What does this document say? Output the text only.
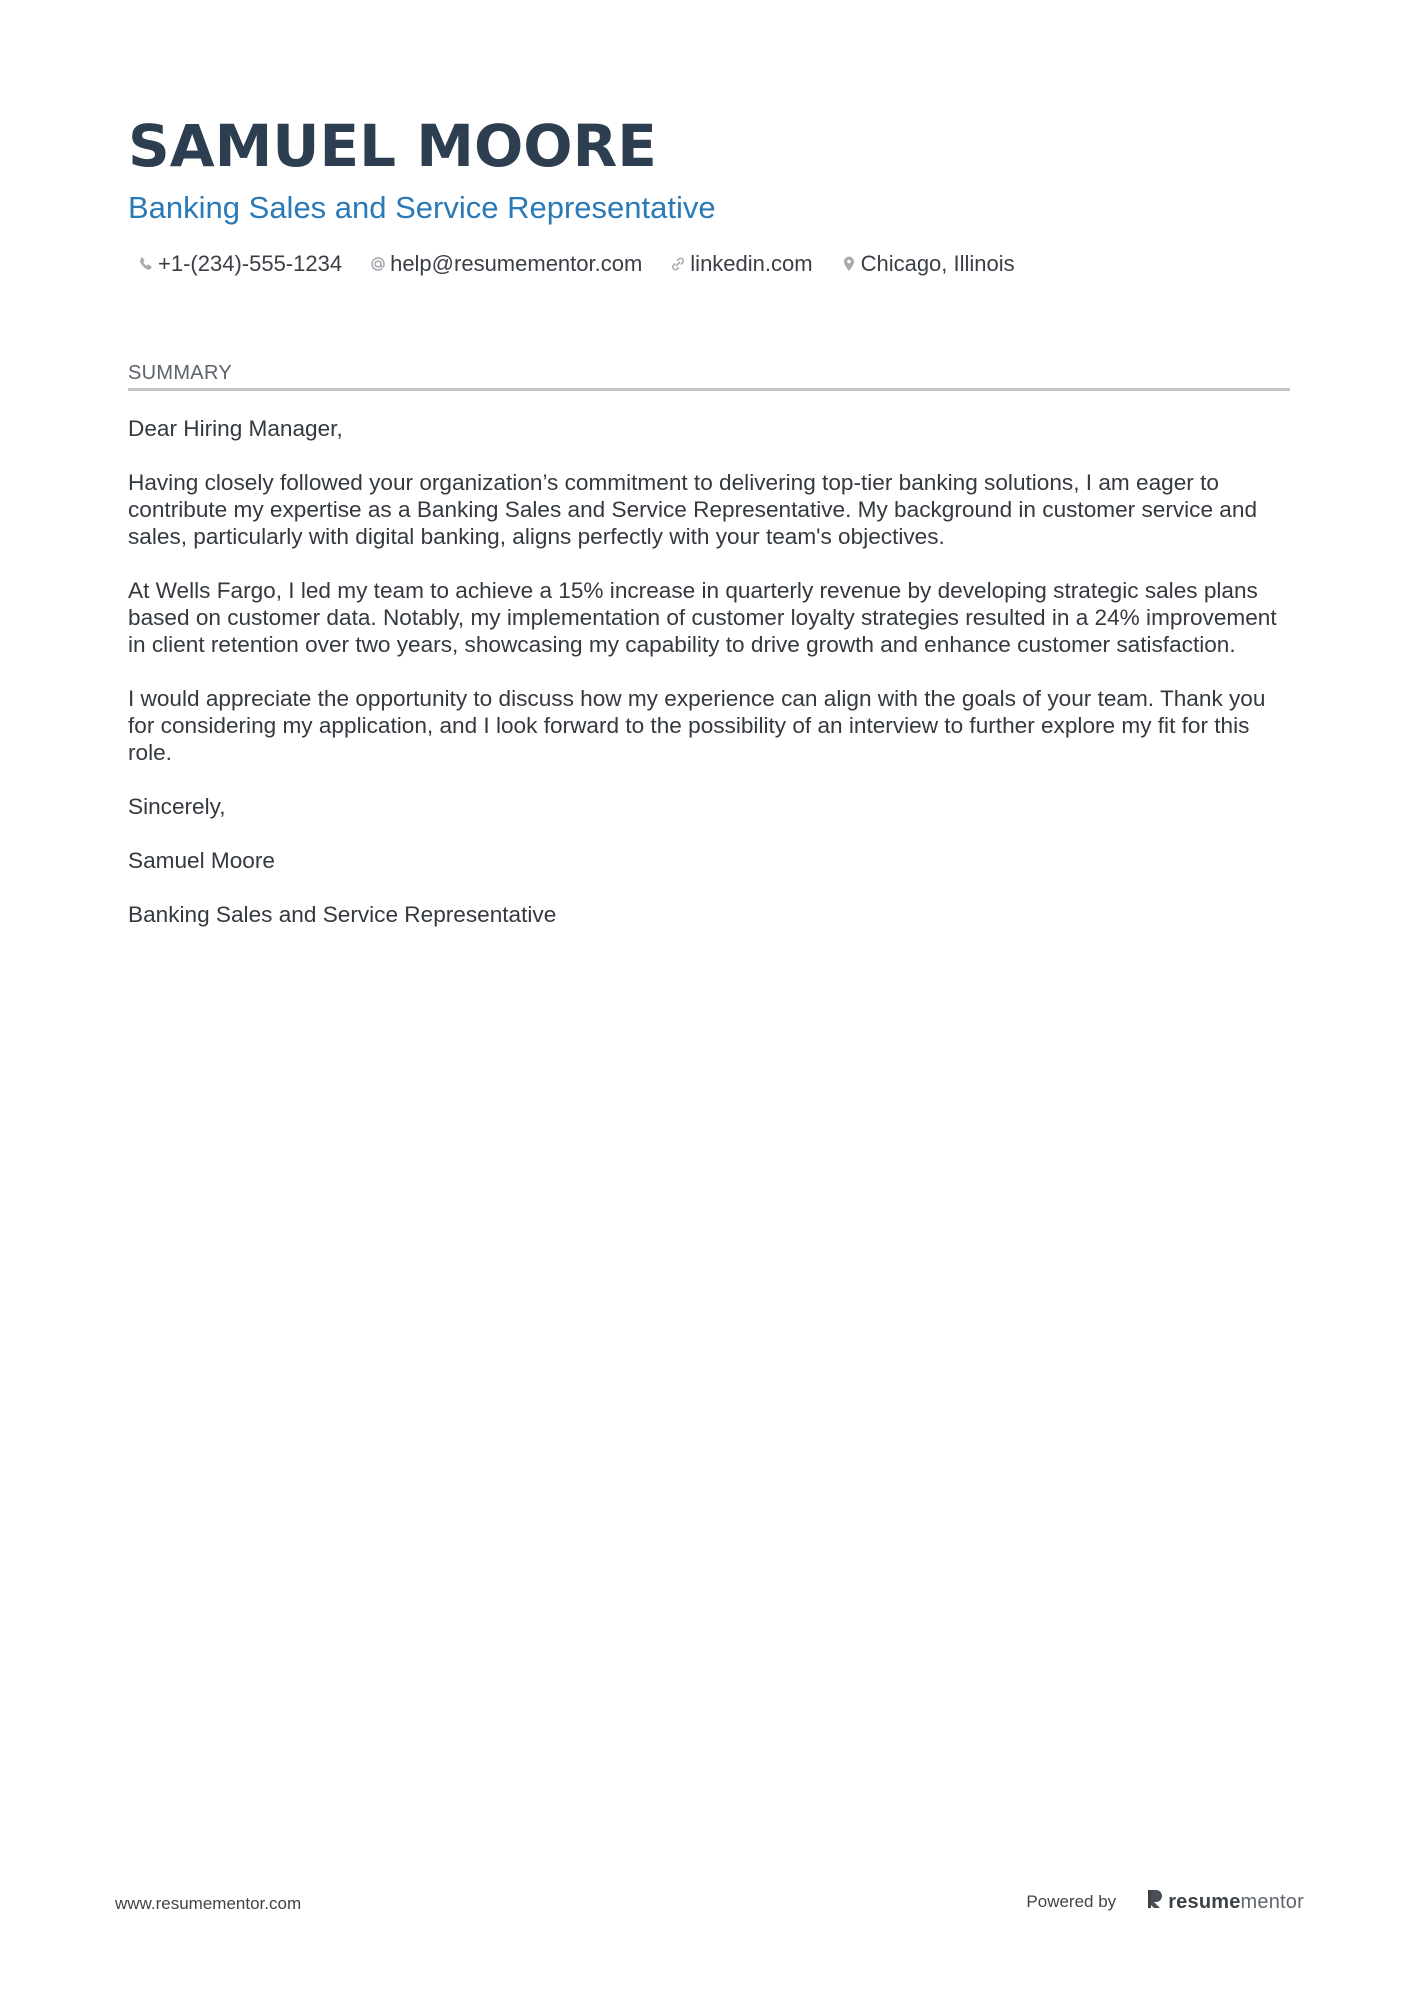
SAMUEL MOORE
Banking Sales and Service Representative
+1-(234)-555-1234 help@resumementor.com linkedin.com Chicago, Illinois
SUMMARY

Dear Hiring Manager,

Having closely followed your organization’s commitment to delivering top-tier banking solutions, I am eager to contribute my expertise as a Banking Sales and Service Representative. My background in customer service and sales, particularly with digital banking, aligns perfectly with your team's objectives.

At Wells Fargo, I led my team to achieve a 15% increase in quarterly revenue by developing strategic sales plans based on customer data. Notably, my implementation of customer loyalty strategies resulted in a 24% improvement in client retention over two years, showcasing my capability to drive growth and enhance customer satisfaction.

I would appreciate the opportunity to discuss how my experience can align with the goals of your team. Thank you for considering my application, and I look forward to the possibility of an interview to further explore my fit for this role.

Sincerely,

Samuel Moore

Banking Sales and Service Representative

www.resumementor.com	Powered by	resumementor
